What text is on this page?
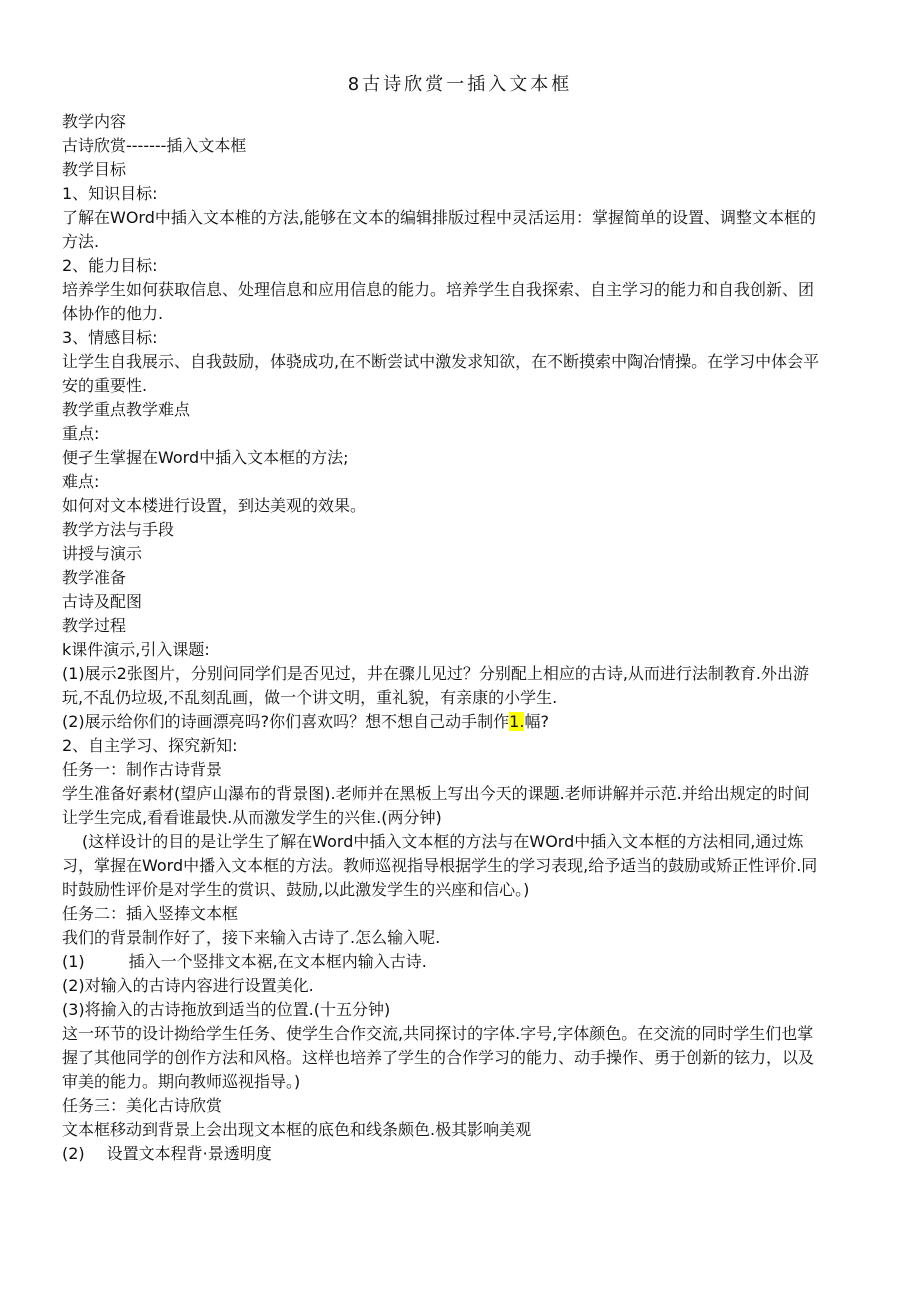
8古诗欣赏一插入文本框
教学内容
古诗欣赏-------插入文本框
教学目标
1、知识目标:
了解在WOrd中插入文本椎的方法,能够在文本的编辑排版过程中灵活运用：掌握简单的设置、调整文本框的
方法.
2、能力目标:
培养学生如何获取信息、处理信息和应用信息的能力。培养学生自我探索、自主学习的能力和自我创新、团
体协作的他力.
3、情感目标:
让学生自我展示、自我鼓励，体骁成功,在不断尝试中激发求知欲，在不断摸索中陶冶情操。在学习中体会平
安的重要性.
教学重点教学难点
重点:
便孑生掌握在Word中插入文本框的方法;
难点:
如何对文本楼进行设置，到达美观的效果。
教学方法与手段
讲授与演示
教学准备
古诗及配图
教学过程
k课件演示,引入课题:
(1)展示2张图片，分别问同学们是否见过，井在骤儿见过？分别配上相应的古诗,从而进行法制教育.外出游
玩,不乱仍垃圾,不乱刻乱画，做一个讲文明，重礼貌，有亲康的小学生.
(2)展示给你们的诗画漂亮吗?你们喜欢吗？想不想自己动手制作1.幅?
2、自主学习、探究新知:
任务一：制作古诗背景
学生准备好素材(望庐山瀑布的背景图).老师并在黑板上写出今天的课题.老师讲解并示范.并给出规定的时间
让学生完成,看看谁最快.从而激发学生的兴隹.(两分钟)
(这样设计的目的是让学生了解在Word中插入文本框的方法与在WOrd中插入文本框的方法相同,通过炼
习，掌握在Word中播入文本框的方法。教师巡视指导根据学生的学习表现,给予适当的鼓励或矫正性评价.同
时鼓励性评价是对学生的赏识、鼓励,以此激发学生的兴座和信心。)
任务二：插入竖捧文本框
我们的背景制作好了，接下来输入古诗了.怎么输入呢.
(1)	插入一个竖排文本裾,在文本框内输入古诗.
(2)对输入的古诗内容进行设置美化.
(3)将揄入的古诗拖放到适当的位置.(十五分钟)
这一环节的设计拗给学生任务、使学生合作交流,共同探讨的字体.字号,字体颜色。在交流的同时学生们也掌
握了其他同学的创作方法和风格。这样也培养了学生的合作学习的能力、动手操作、勇于创新的铉力，以及
审美的能力。期向教师巡视指导。)
任务三：美化古诗欣赏
文本框移动到背景上会出现文本框的底色和线条颇色.极其影响美观
(2) 设置文本程背·景透明度
